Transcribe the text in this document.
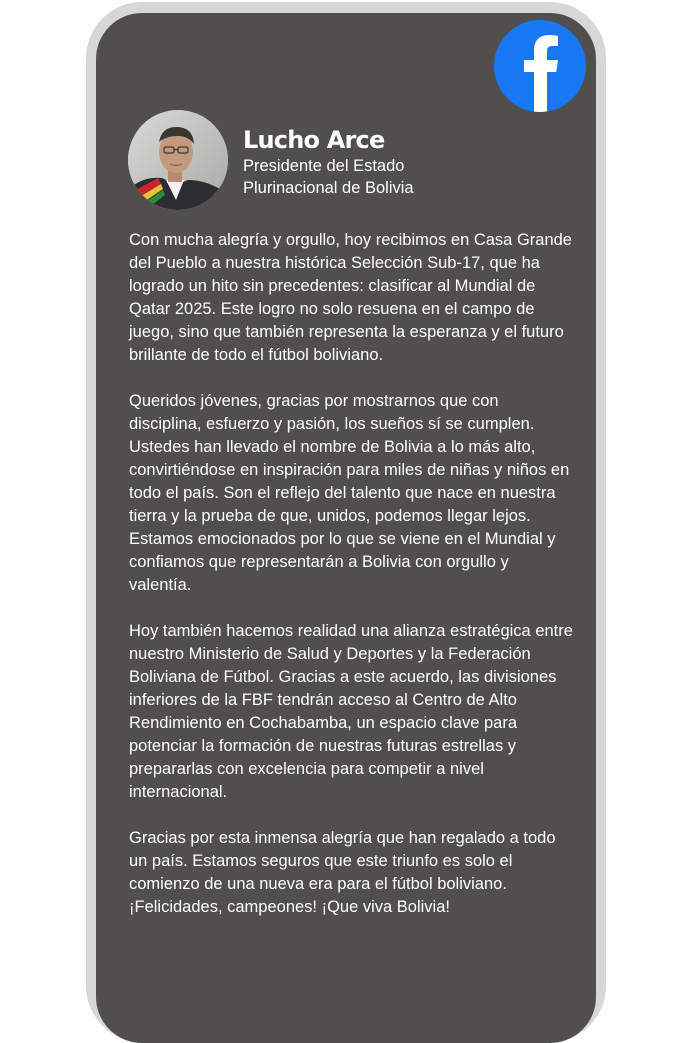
Lucho Arce

Presidente del Estado Plurinacional de Bolivia

Con mucha alegría y orgullo, hoy recibimos en Casa Grande del Pueblo a nuestra histórica Selección Sub-17, que ha logrado un hito sin precedentes: clasificar al Mundial de Qatar 2025. Este logro no solo resuena en el campo de juego, sino que también representa la esperanza y el futuro brillante de todo el fútbol boliviano.

Queridos jóvenes, gracias por mostrarnos que con disciplina, esfuerzo y pasión, los sueños sí se cumplen. Ustedes han llevado el nombre de Bolivia a lo más alto, convirtiéndose en inspiración para miles de niñas y niños en todo el país. Son el reflejo del talento que nace en nuestra tierra y la prueba de que, unidos, podemos llegar lejos. Estamos emocionados por lo que se viene en el Mundial y confiamos que representarán a Bolivia con orgullo y valentía.

Hoy también hacemos realidad una alianza estratégica entre nuestro Ministerio de Salud y Deportes y la Federación Boliviana de Fútbol. Gracias a este acuerdo, las divisiones inferiores de la FBF tendrán acceso al Centro de Alto Rendimiento en Cochabamba, un espacio clave para potenciar la formación de nuestras futuras estrellas y prepararlas con excelencia para competir a nivel internacional.

Gracias por esta inmensa alegría que han regalado a todo un país. Estamos seguros que este triunfo es solo el comienzo de una nueva era para el fútbol boliviano. ¡Felicidades, campeones! ¡Que viva Bolivia!
